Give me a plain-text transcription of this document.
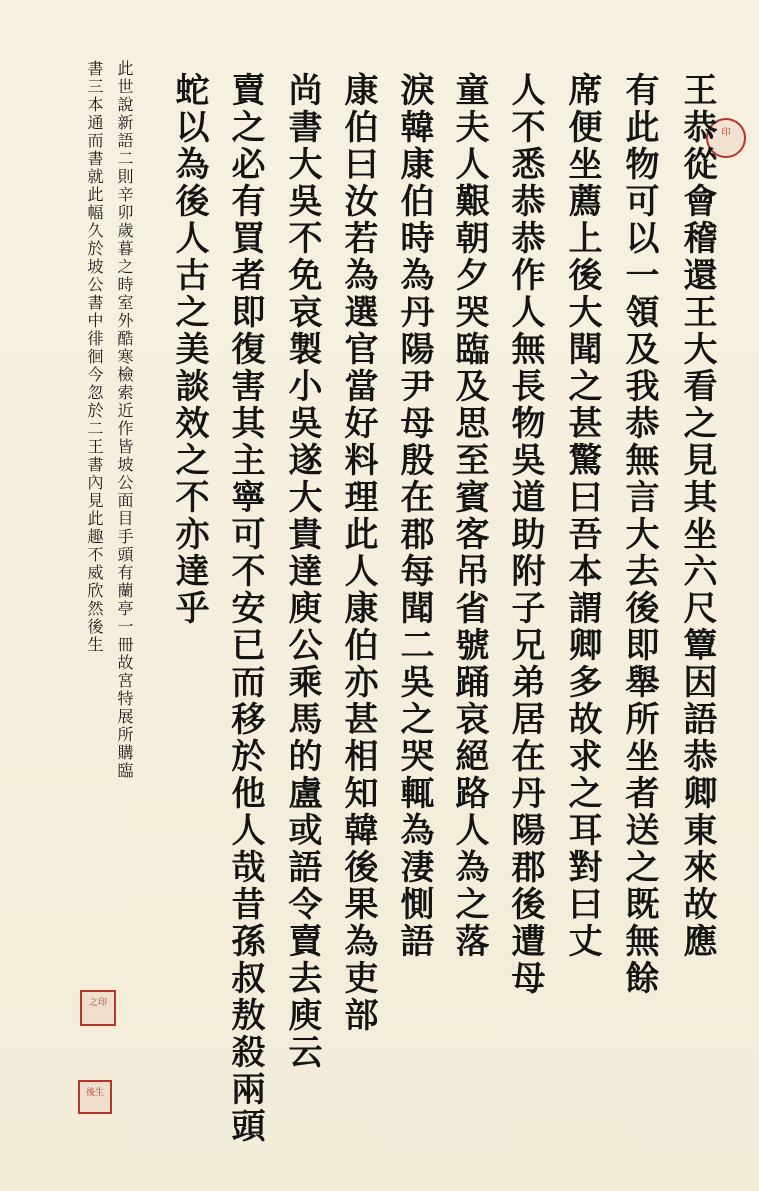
印
王恭從會稽還王大看之見其坐六尺簟因語恭卿東來故應
有此物可以一領及我恭無言大去後即舉所坐者送之既無餘
席便坐薦上後大聞之甚驚曰吾本謂卿多故求之耳對曰丈
人不悉恭恭作人無長物吳道助附子兄弟居在丹陽郡後遭母
童夫人艱朝夕哭臨及思至賓客吊省號踊哀絕路人為之落
淚韓康伯時為丹陽尹母殷在郡每聞二吳之哭輒為淒惻語
康伯曰汝若為選官當好料理此人康伯亦甚相知韓後果為吏部
尚書大吳不免哀製小吳遂大貴達庾公乘馬的盧或語令賣去庾云
賣之必有買者即復害其主寧可不安已而移於他人哉昔孫叔敖殺兩頭
蛇以為後人古之美談效之不亦達乎
此世說新語二則辛卯歲暮之時室外酷寒檢索近作皆坡公面目手頭有蘭亭一冊故宮特展所購臨
書三本通而書就此幅久於坡公書中徘徊今忽於二王書內見此趣不威欣然後生
之印
後生
